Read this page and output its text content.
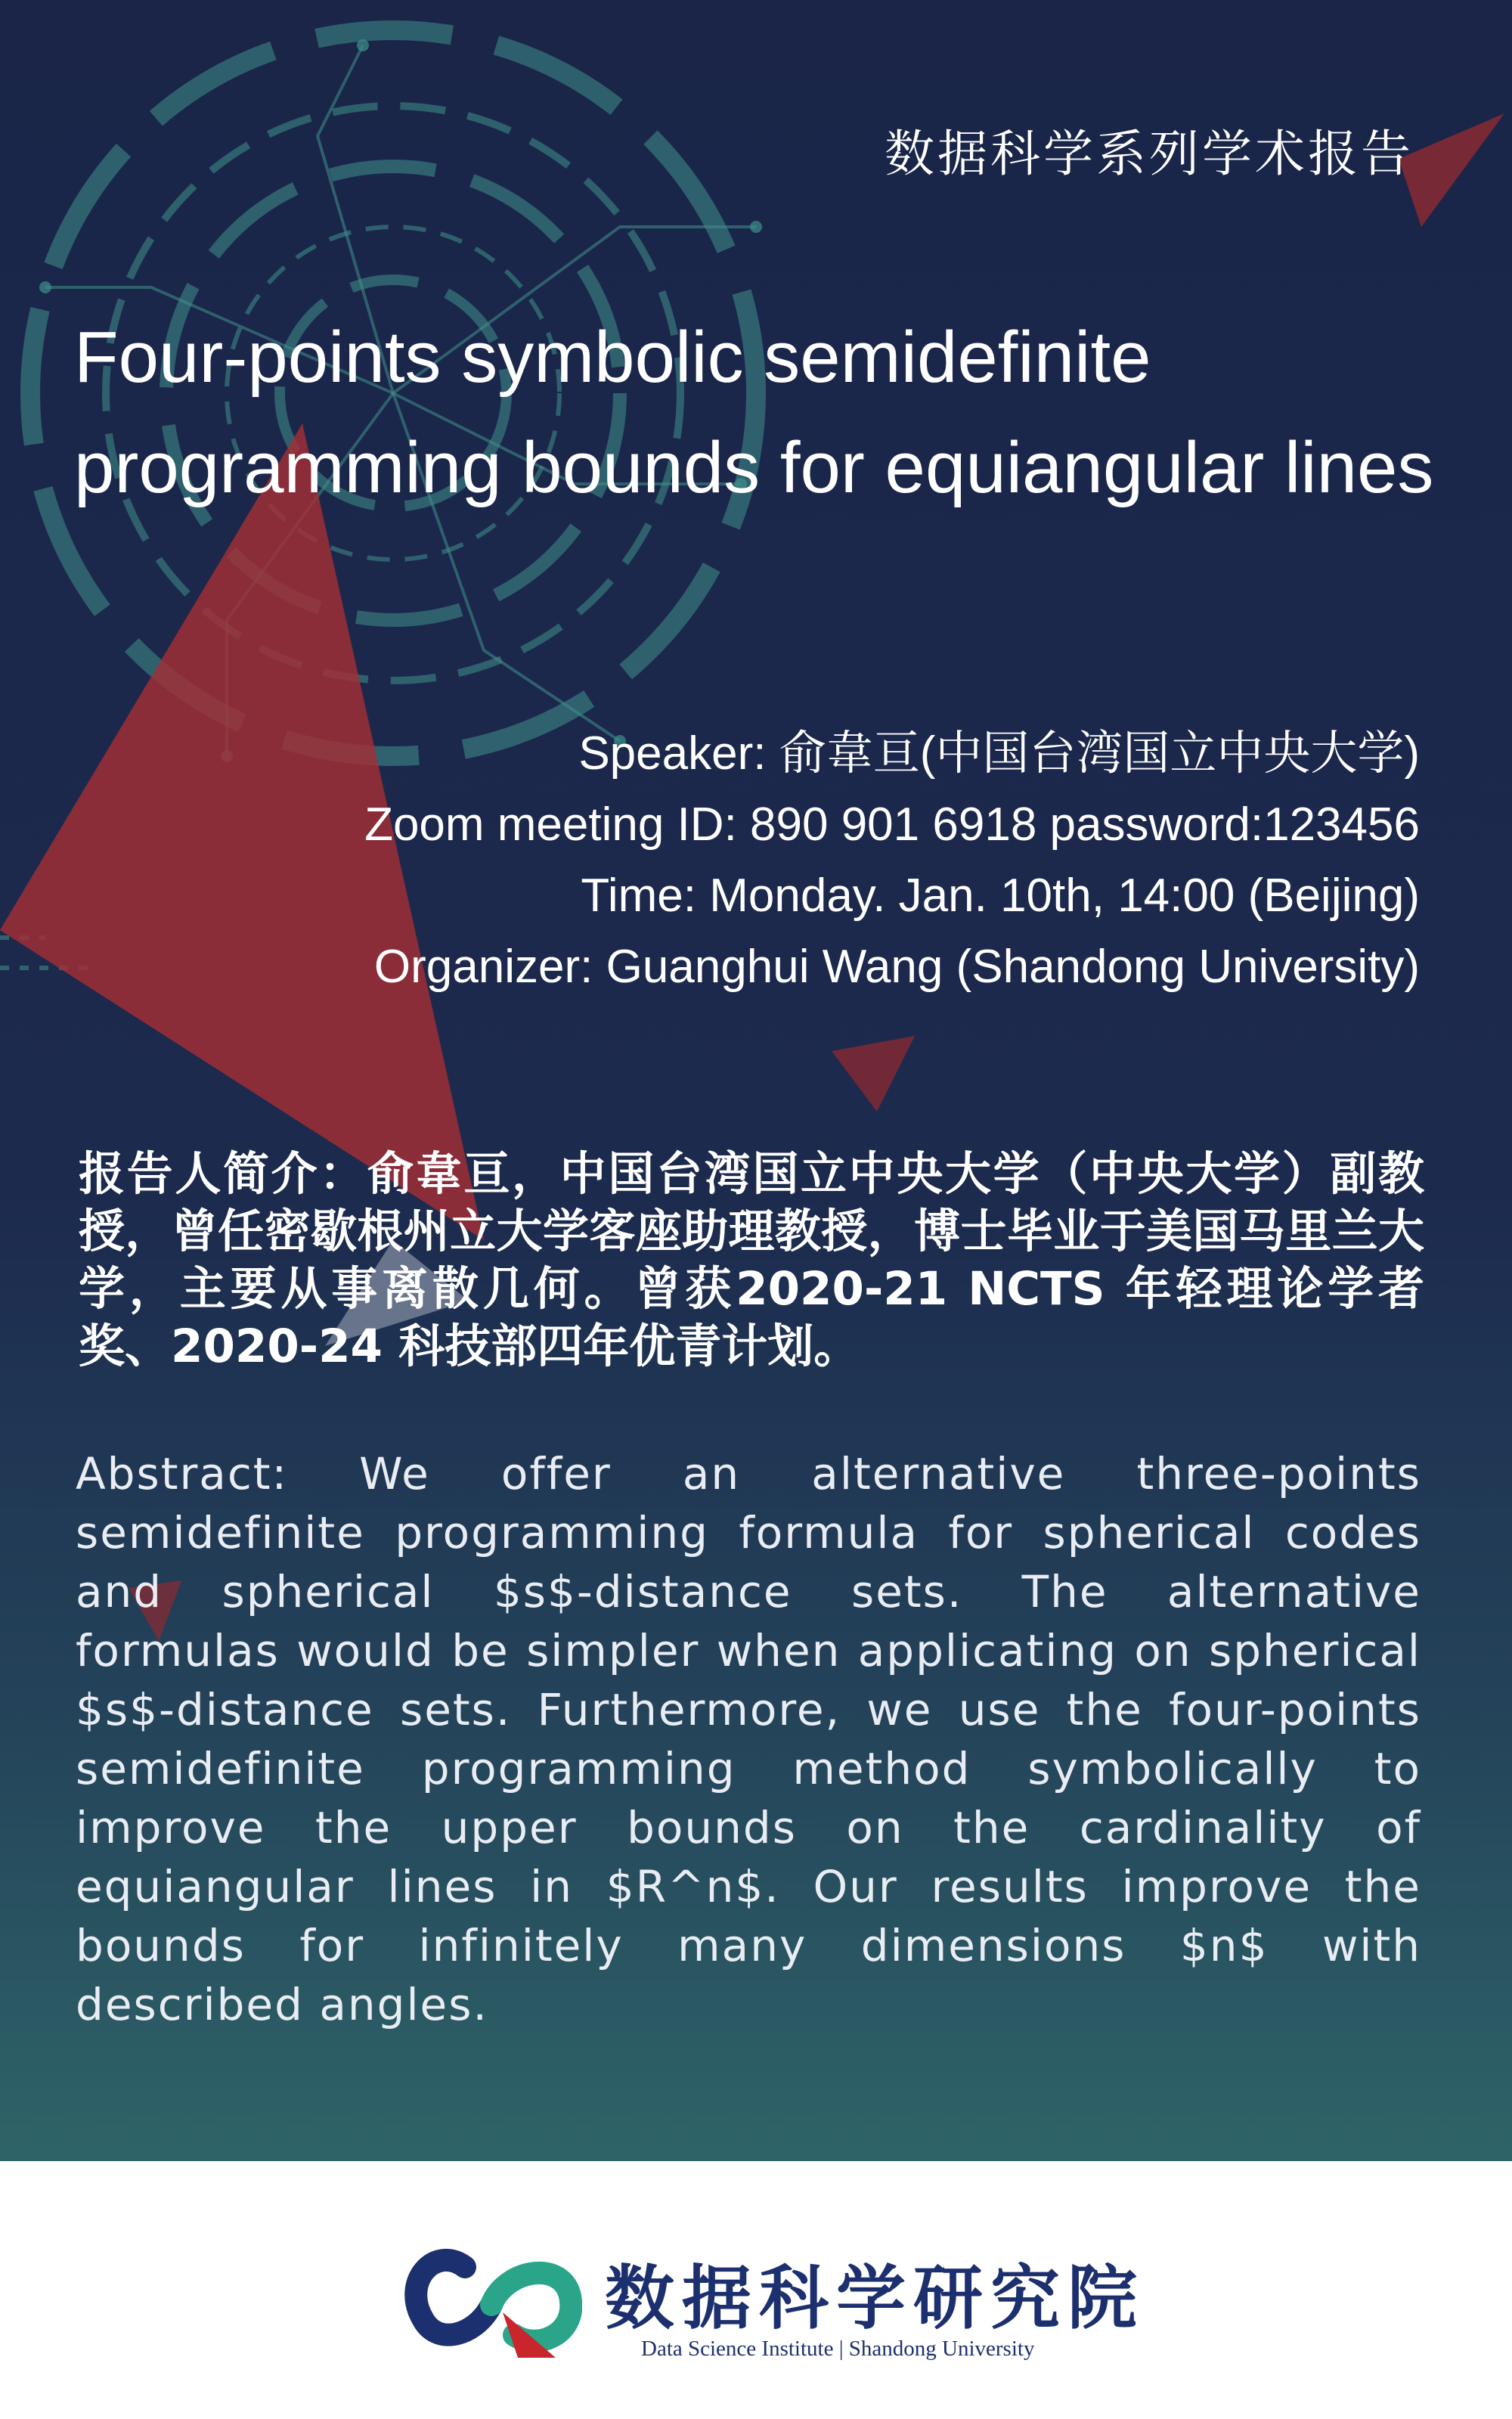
数据科学系列学术报告
Four-points symbolic semidefinite
programming bounds for equiangular lines
Speaker: 俞韋亘(中国台湾国立中央大学)
Zoom meeting ID: 890 901 6918 password:123456
Time: Monday. Jan. 10th, 14:00 (Beijing)
Organizer: Guanghui Wang (Shandong University)
报告人简介：俞韋亘，中国台湾国立中央大学（中央大学）副教授，曾任密歇根州立大学客座助理教授，博士毕业于美国马里兰大学，主要从事离散几何。曾获2020-21 NCTS 年轻理论学者奖、2020-24 科技部四年优青计划。
Abstract: We offer an alternative three-points semidefinite programming formula for spherical codes and spherical $s$-distance sets. The alternative formulas would be simpler when applicating on spherical $s$-distance sets. Furthermore, we use the four-points semidefinite programming method symbolically to improve the upper bounds on the cardinality of equiangular lines in $R^n$. Our results improve the bounds for infinitely many dimensions $n$ with described angles.
数据科学研究院
Data Science Institute | Shandong University
